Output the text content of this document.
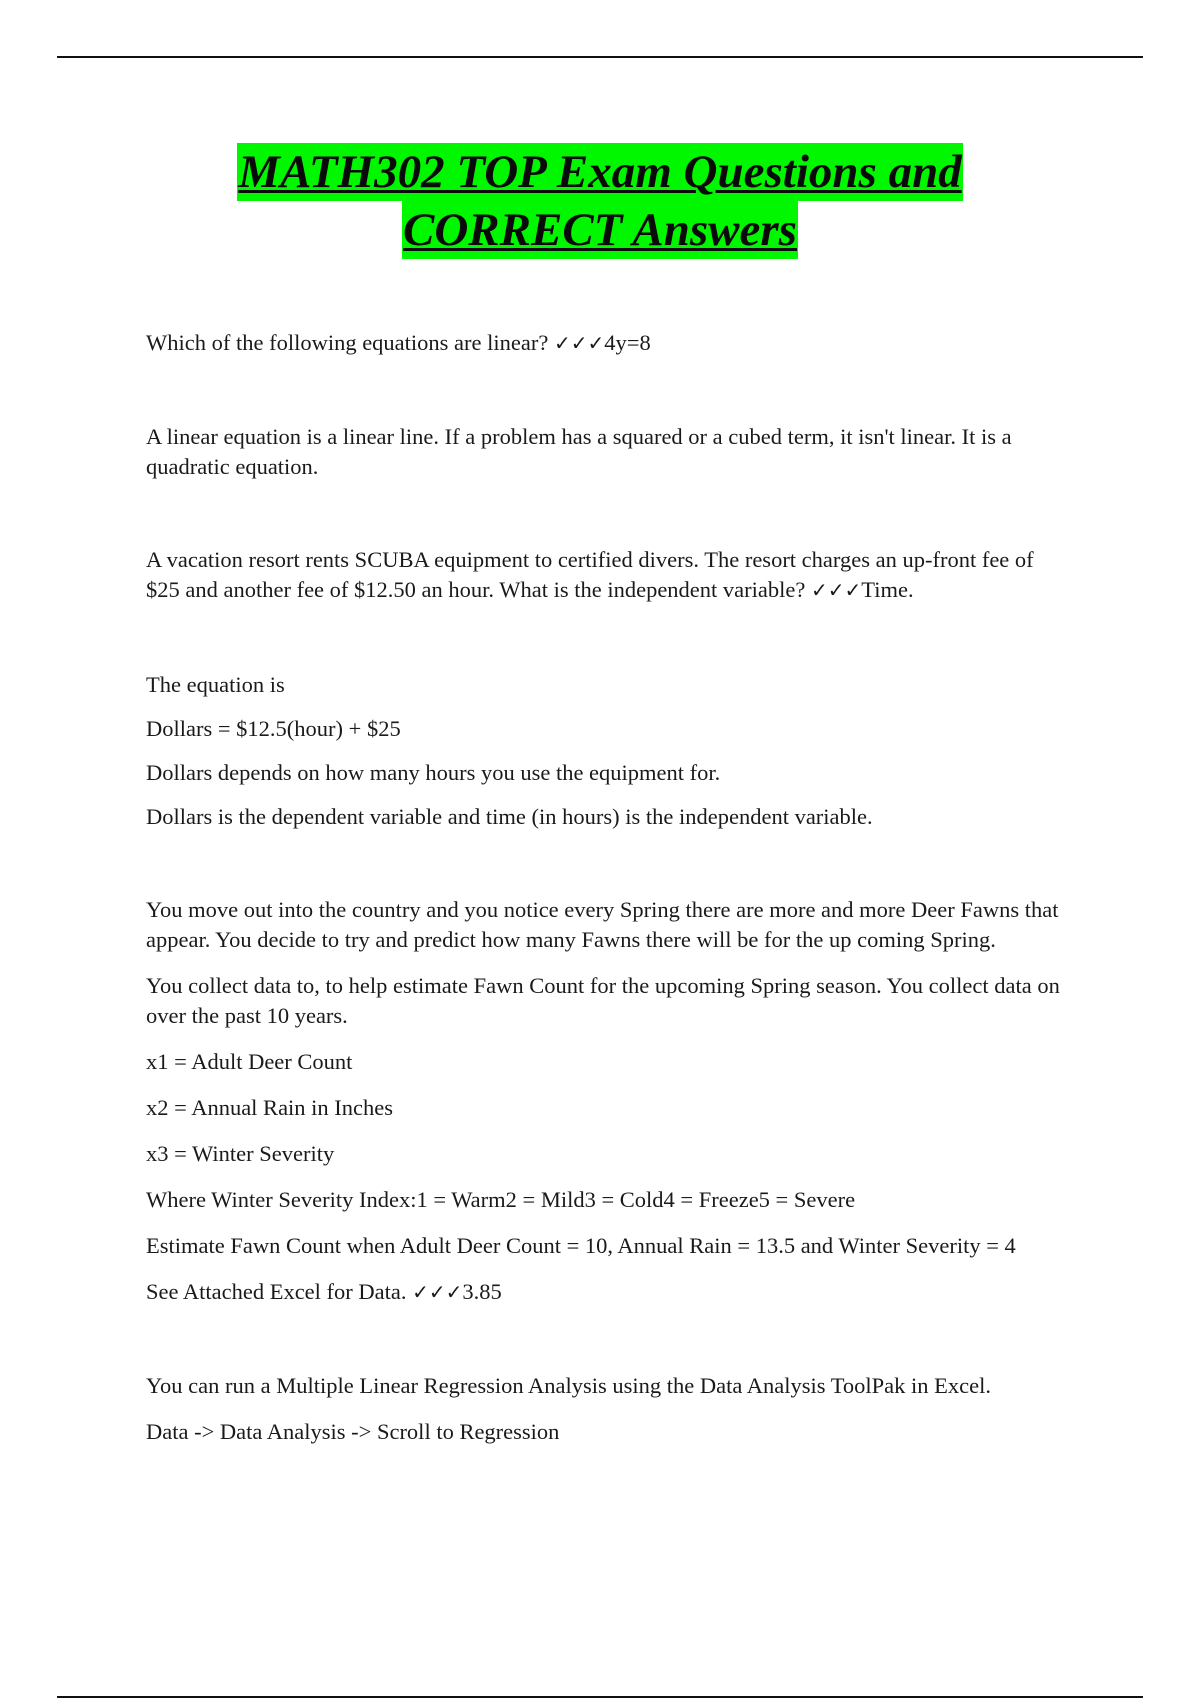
MATH302 TOP Exam Questions and
CORRECT Answers

Which of the following equations are linear? ✓✓✓4y=8

A linear equation is a linear line. If a problem has a squared or a cubed term, it isn't linear. It is a quadratic equation.

A vacation resort rents SCUBA equipment to certified divers. The resort charges an up-front fee of $25 and another fee of $12.50 an hour. What is the independent variable? ✓✓✓Time.

The equation is

Dollars = $12.5(hour) + $25

Dollars depends on how many hours you use the equipment for.

Dollars is the dependent variable and time (in hours) is the independent variable.

You move out into the country and you notice every Spring there are more and more Deer Fawns that appear. You decide to try and predict how many Fawns there will be for the up coming Spring.

You collect data to, to help estimate Fawn Count for the upcoming Spring season. You collect data on over the past 10 years.

x1 = Adult Deer Count

x2 = Annual Rain in Inches

x3 = Winter Severity

Where Winter Severity Index:1 = Warm2 = Mild3 = Cold4 = Freeze5 = Severe

Estimate Fawn Count when Adult Deer Count = 10, Annual Rain = 13.5 and Winter Severity = 4

See Attached Excel for Data. ✓✓✓3.85

You can run a Multiple Linear Regression Analysis using the Data Analysis ToolPak in Excel.

Data -> Data Analysis -> Scroll to Regression
